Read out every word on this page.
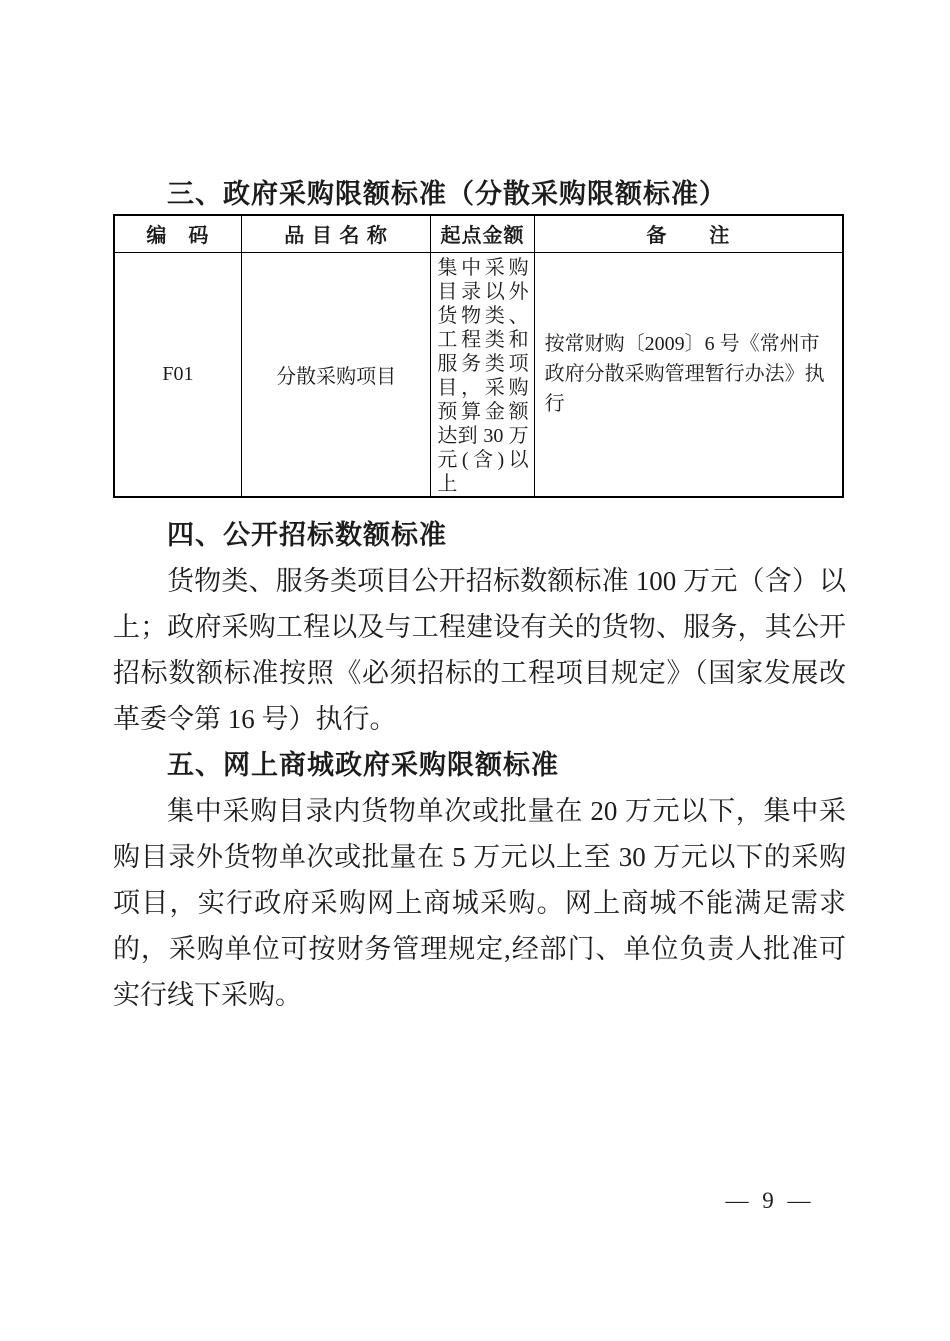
三、政府采购限额标准（分散采购限额标准）
编　码	品 目 名 称	起点金额	备　　注
F01	分散采购项目	集中采购目录以外货物类、工程类和服务类项目，采购预算金额达到 30 万元(含)以上	按常财购〔2009〕6 号《常州市政府分散采购管理暂行办法》执行
四、公开招标数额标准
货物类、服务类项目公开招标数额标准 100 万元（含）以上；政府采购工程以及与工程建设有关的货物、服务，其公开招标数额标准按照《必须招标的工程项目规定》（国家发展改革委令第 16 号）执行。
五、网上商城政府采购限额标准
集中采购目录内货物单次或批量在 20 万元以下，集中采购目录外货物单次或批量在 5 万元以上至 30 万元以下的采购项目，实行政府采购网上商城采购。网上商城不能满足需求的，采购单位可按财务管理规定,经部门、单位负责人批准可实行线下采购。
— 9 —
